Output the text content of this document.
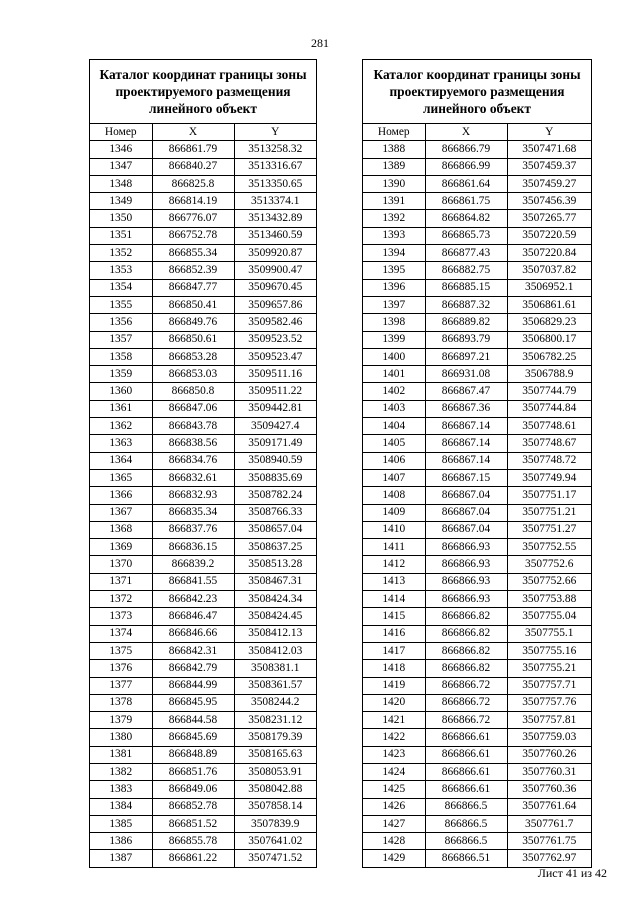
281
Каталог координат границы зоны проектируемого размещения линейного объект
Номер	X	Y
1346	866861.79	3513258.32
1347	866840.27	3513316.67
1348	866825.8	3513350.65
1349	866814.19	3513374.1
1350	866776.07	3513432.89
1351	866752.78	3513460.59
1352	866855.34	3509920.87
1353	866852.39	3509900.47
1354	866847.77	3509670.45
1355	866850.41	3509657.86
1356	866849.76	3509582.46
1357	866850.61	3509523.52
1358	866853.28	3509523.47
1359	866853.03	3509511.16
1360	866850.8	3509511.22
1361	866847.06	3509442.81
1362	866843.78	3509427.4
1363	866838.56	3509171.49
1364	866834.76	3508940.59
1365	866832.61	3508835.69
1366	866832.93	3508782.24
1367	866835.34	3508766.33
1368	866837.76	3508657.04
1369	866836.15	3508637.25
1370	866839.2	3508513.28
1371	866841.55	3508467.31
1372	866842.23	3508424.34
1373	866846.47	3508424.45
1374	866846.66	3508412.13
1375	866842.31	3508412.03
1376	866842.79	3508381.1
1377	866844.99	3508361.57
1378	866845.95	3508244.2
1379	866844.58	3508231.12
1380	866845.69	3508179.39
1381	866848.89	3508165.63
1382	866851.76	3508053.91
1383	866849.06	3508042.88
1384	866852.78	3507858.14
1385	866851.52	3507839.9
1386	866855.78	3507641.02
1387	866861.22	3507471.52
Каталог координат границы зоны проектируемого размещения линейного объект
Номер	X	Y
1388	866866.79	3507471.68
1389	866866.99	3507459.37
1390	866861.64	3507459.27
1391	866861.75	3507456.39
1392	866864.82	3507265.77
1393	866865.73	3507220.59
1394	866877.43	3507220.84
1395	866882.75	3507037.82
1396	866885.15	3506952.1
1397	866887.32	3506861.61
1398	866889.82	3506829.23
1399	866893.79	3506800.17
1400	866897.21	3506782.25
1401	866931.08	3506788.9
1402	866867.47	3507744.79
1403	866867.36	3507744.84
1404	866867.14	3507748.61
1405	866867.14	3507748.67
1406	866867.14	3507748.72
1407	866867.15	3507749.94
1408	866867.04	3507751.17
1409	866867.04	3507751.21
1410	866867.04	3507751.27
1411	866866.93	3507752.55
1412	866866.93	3507752.6
1413	866866.93	3507752.66
1414	866866.93	3507753.88
1415	866866.82	3507755.04
1416	866866.82	3507755.1
1417	866866.82	3507755.16
1418	866866.82	3507755.21
1419	866866.72	3507757.71
1420	866866.72	3507757.76
1421	866866.72	3507757.81
1422	866866.61	3507759.03
1423	866866.61	3507760.26
1424	866866.61	3507760.31
1425	866866.61	3507760.36
1426	866866.5	3507761.64
1427	866866.5	3507761.7
1428	866866.5	3507761.75
1429	866866.51	3507762.97
Лист 41 из 42
